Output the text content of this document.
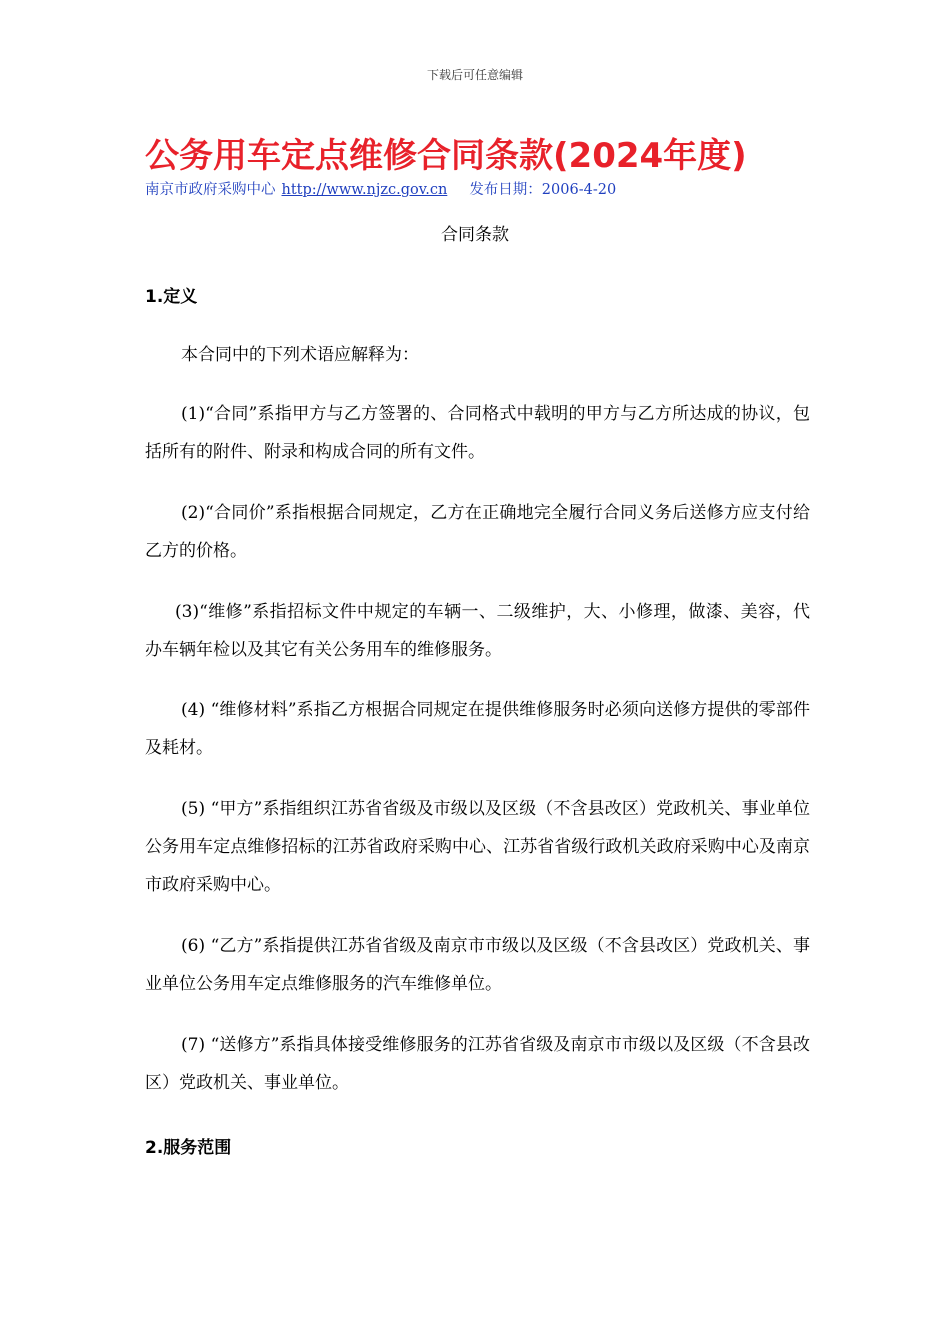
下载后可任意编辑
公务用车定点维修合同条款(2024年度)
南京市政府采购中心 http://www.njzc.gov.cn 发布日期：2006-4-20
合同条款
1.定义
本合同中的下列术语应解释为：
(1)“合同”系指甲方与乙方签署的、合同格式中载明的甲方与乙方所达成的协议，包括所有的附件、附录和构成合同的所有文件。
(2)“合同价”系指根据合同规定，乙方在正确地完全履行合同义务后送修方应支付给乙方的价格。
(3)“维修”系指招标文件中规定的车辆一、二级维护，大、小修理，做漆、美容，代办车辆年检以及其它有关公务用车的维修服务。
(4) “维修材料”系指乙方根据合同规定在提供维修服务时必须向送修方提供的零部件及耗材。
(5) “甲方”系指组织江苏省省级及市级以及区级（不含县改区）党政机关、事业单位公务用车定点维修招标的江苏省政府采购中心、江苏省省级行政机关政府采购中心及南京市政府采购中心。
(6) “乙方”系指提供江苏省省级及南京市市级以及区级（不含县改区）党政机关、事业单位公务用车定点维修服务的汽车维修单位。
(7) “送修方”系指具体接受维修服务的江苏省省级及南京市市级以及区级（不含县改区）党政机关、事业单位。
2.服务范围
